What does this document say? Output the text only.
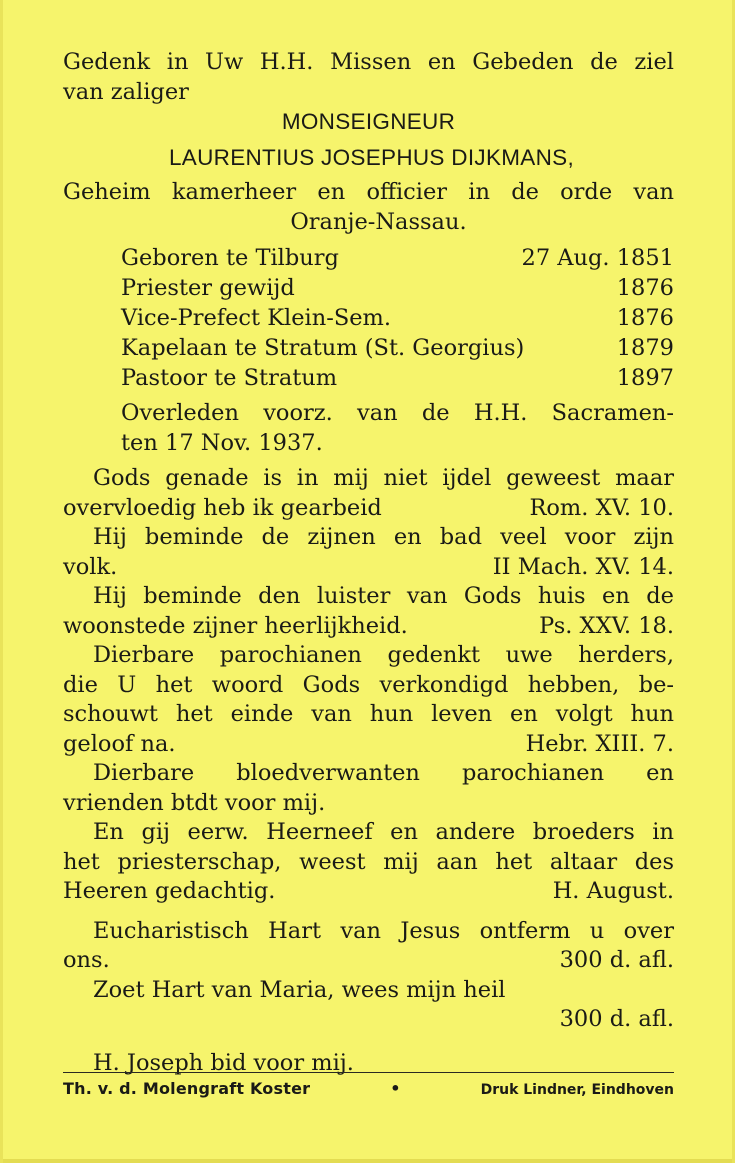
Gedenk in Uw H.H. Missen en Gebeden de ziel
van zaliger
MONSEIGNEUR
LAURENTIUS JOSEPHUS DIJKMANS,
Geheim kamerheer en officier in de orde van
Oranje-Nassau.
Geboren te Tilburg	27 Aug. 1851
Priester gewijd	1876
Vice-Prefect Klein-Sem.	1876
Kapelaan te Stratum (St. Georgius)	1879
Pastoor te Stratum	1897
Overleden voorz. van de H.H. Sacramen-
ten 17 Nov. 1937.
Gods genade is in mij niet ijdel geweest maar
overvloedig heb ik gearbeid	Rom. XV. 10.
Hij beminde de zijnen en bad veel voor zijn
volk.	II Mach. XV. 14.
Hij beminde den luister van Gods huis en de
woonstede zijner heerlijkheid.	Ps. XXV. 18.
Dierbare parochianen gedenkt uwe herders,
die U het woord Gods verkondigd hebben, be-
schouwt het einde van hun leven en volgt hun
geloof na.	Hebr. XIII. 7.
Dierbare bloedverwanten parochianen en
vrienden btdt voor mij.
En gij eerw. Heerneef en andere broeders in
het priesterschap, weest mij aan het altaar des
Heeren gedachtig.	H. August.
Eucharistisch Hart van Jesus ontferm u over
ons.	300 d. afl.
Zoet Hart van Maria, wees mijn heil
300 d. afl.
H. Joseph bid voor mij.
Th. v. d. Molengraft Koster	•	Druk Lindner, Eindhoven
